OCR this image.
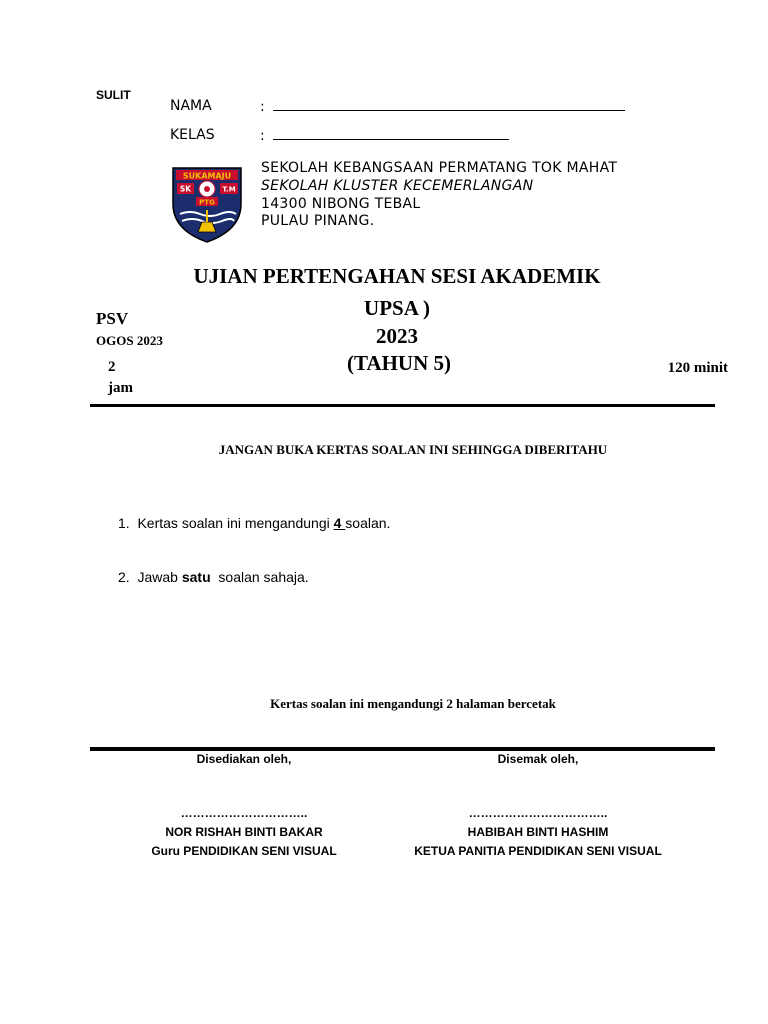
SULIT
NAMA	:
KELAS	:
SUKAMAJU
SK	T.M
PTG
SEKOLAH KEBANGSAAN PERMATANG TOK MAHAT
SEKOLAH KLUSTER KECEMERLANGAN
14300 NIBONG TEBAL
PULAU PINANG.
UJIAN PERTENGAHAN SESI AKADEMIK
UPSA )
2023
(TAHUN 5)
PSV
OGOS 2023
2
jam
120 minit
JANGAN BUKA KERTAS SOALAN INI SEHINGGA DIBERITAHU
1. Kertas soalan ini mengandungi 4 soalan.
2. Jawab satu  soalan sahaja.
Kertas soalan ini mengandungi 2 halaman bercetak
Disediakan oleh,
…………………………..
NOR RISHAH BINTI BAKAR
Guru PENDIDIKAN SENI VISUAL
Disemak oleh,
……………………………..
HABIBAH BINTI HASHIM
KETUA PANITIA PENDIDIKAN SENI VISUAL
